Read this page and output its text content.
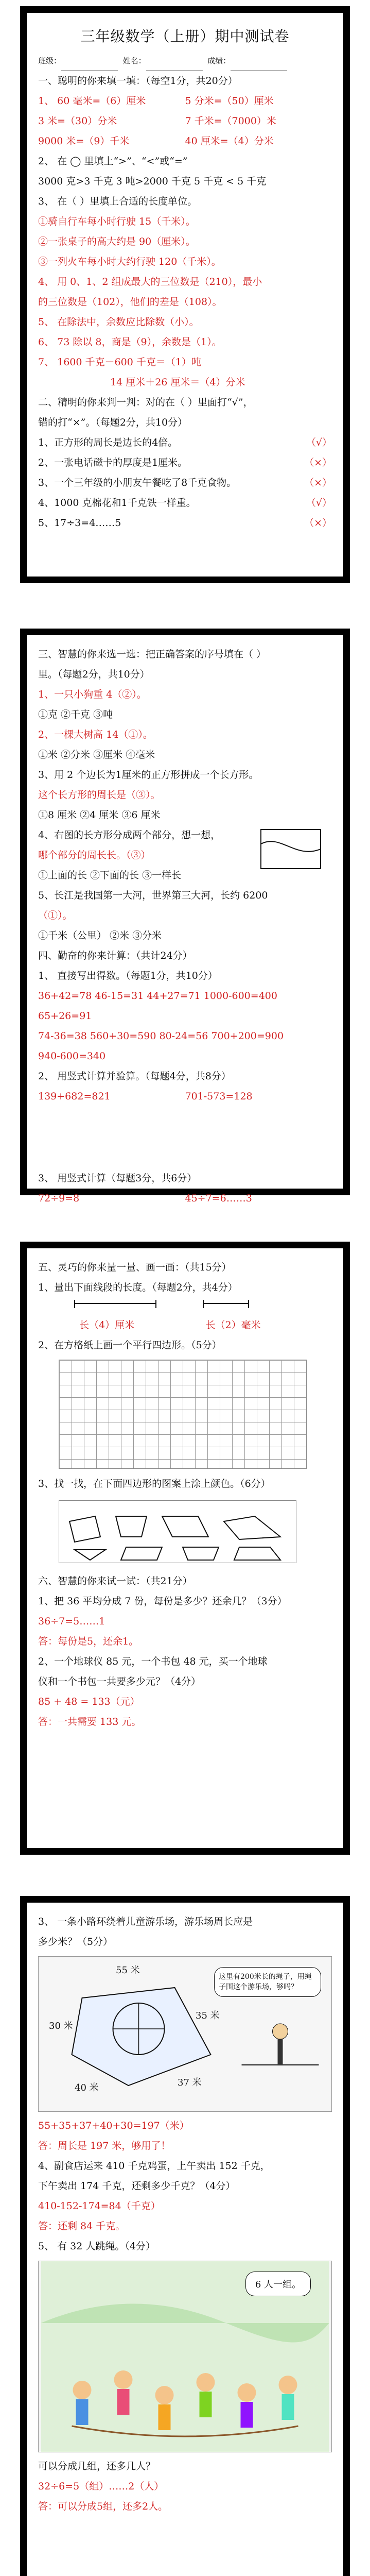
三年级数学（上册）期中测试卷
班级：	姓名：	成绩：
一、聪明的你来填一填：（每空1分，共20分）
1、 60 毫米=（6）厘米	5 分米=（50）厘米
3 米=（30）分米	7 千米=（7000）米
9000 米=（9）千米	40 厘米=（4）分米
2、 在 ◯ 里填上“>”、“<”或“=”
3000 克>3 千克 3 吨>2000 千克 5 千克 < 5 千克
3、 在（ ）里填上合适的长度单位。
①骑自行车每小时行驶 15（千米）。
②一张桌子的高大约是 90（厘米）。
③一列火车每小时大约行驶 120（千米）。
4、 用 0、1、2 组成最大的三位数是（210），最小
的三位数是（102），他们的差是（108）。
5、 在除法中，余数应比除数（小）。
6、 73 除以 8，商是（9），余数是（1）。
7、 1600 千克－600 千克＝（1）吨
14 厘米＋26 厘米＝（4）分米
二、精明的你来判一判：对的在（ ）里面打“√”，
错的打“×”。（每题2分，共10分）
1、正方形的周长是边长的4倍。	（√）
2、一张电话磁卡的厚度是1厘米。	（×）
3、一个三年级的小朋友午餐吃了8千克食物。	（×）
4、1000 克棉花和1千克铁一样重。	（√）
5、17÷3=4……5	（×）
三、智慧的你来选一选：把正确答案的序号填在（ ）
里。（每题2分，共10分）
1、一只小狗重 4（②）。
①克 ②千克 ③吨
2、一棵大树高 14（①）。
①米 ②分米 ③厘米 ④毫米
3、用 2 个边长为1厘米的正方形拼成一个长方形。
这个长方形的周长是（③）。
①8 厘米 ②4 厘米 ③6 厘米
4、右图的长方形分成两个部分，想一想，
哪个部分的周长长。（③）
①上面的长 ②下面的长 ③一样长
5、长江是我国第一大河，世界第三大河，长约 6200
（①）。
①千米（公里） ②米 ③分米
四、勤奋的你来计算：（共计24分）
1、 直接写出得数。（每题1分，共10分）
36+42=78 46-15=31 44+27=71 1000-600=400
65+26=91
74-36=38 560+30=590 80-24=56 700+200=900
940-600=340
2、 用竖式计算并验算。（每题4分，共8分）
139+682=821	701-573=128
3、 用竖式计算（每题3分，共6分）
72÷9=8	45÷7=6……3
五、灵巧的你来量一量、画一画：（共15分）
1、量出下面线段的长度。（每题2分，共4分）
长（4）厘米	长（2）毫米
2、在方格纸上画一个平行四边形。（5分）
3、找一找，在下面四边形的图案上涂上颜色。（6分）
六、智慧的你来试一试：（共21分）
1、把 36 平均分成 7 份，每份是多少？还余几？（3分）
36÷7=5……1
答：每份是5，还余1。
2、一个地球仪 85 元，一个书包 48 元，买一个地球
仪和一个书包一共要多少元？（4分）
85 + 48 = 133（元）
答：一共需要 133 元。
3、 一条小路环绕着儿童游乐场，游乐场周长应是
多少米？（5分）
55 米
35 米
37 米
40 米
30 米
这里有200米长的绳子，用绳子围这个游乐场，够吗？
55+35+37+40+30=197（米）
答：周长是 197 米，够用了！
4、副食店运来 410 千克鸡蛋，上午卖出 152 千克，
下午卖出 174 千克，还剩多少千克？（4分）
410-152-174=84（千克）
答：还剩 84 千克。
5、 有 32 人跳绳。（4分）
6 人一组。
可以分成几组，还多几人？
32÷6=5（组）……2（人）
答：可以分成5组，还多2人。
